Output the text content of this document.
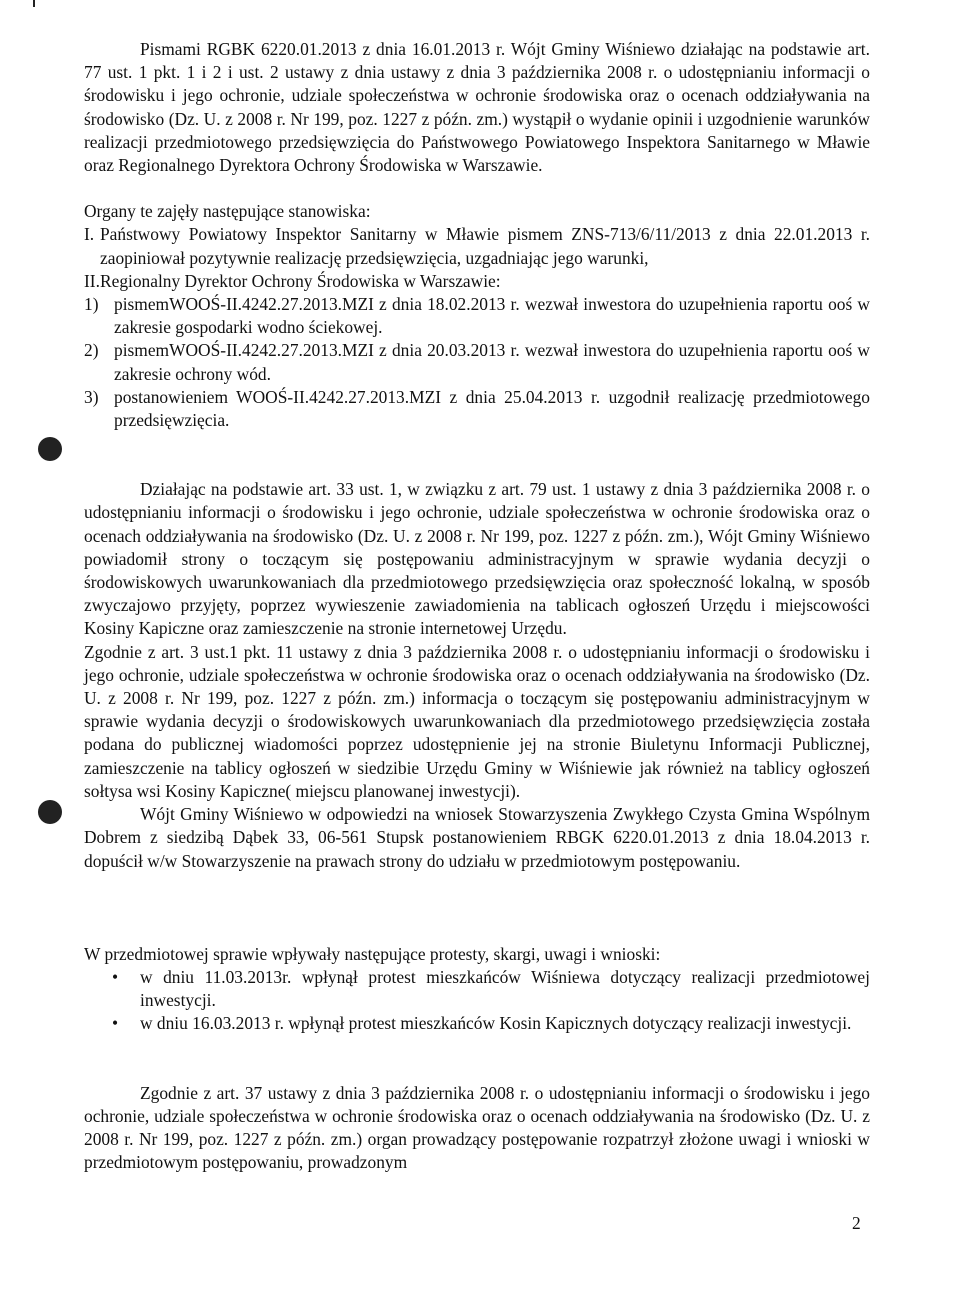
Pismami RGBK 6220.01.2013 z dnia 16.01.2013 r. Wójt Gminy Wiśniewo działając na podstawie art. 77 ust. 1 pkt. 1 i 2 i ust. 2 ustawy z dnia ustawy z dnia 3 października 2008 r. o udostępnianiu informacji o środowisku i jego ochronie, udziale społeczeństwa w ochronie środowiska oraz o ocenach oddziaływania na środowisko (Dz. U. z 2008 r. Nr 199, poz. 1227 z późn. zm.) wystąpił o wydanie opinii i uzgodnienie warunków realizacji przedmiotowego przedsięwzięcia do Państwowego Powiatowego Inspektora Sanitarnego w Mławie oraz Regionalnego Dyrektora Ochrony Środowiska w Warszawie.

Organy te zajęły następujące stanowiska:

I. Państwowy Powiatowy Inspektor Sanitarny w Mławie pismem ZNS-713/6/11/2013 z dnia 22.01.2013 r. zaopiniował pozytywnie realizację przedsięwzięcia, uzgadniając jego warunki,
II. Regionalny Dyrektor Ochrony Środowiska w Warszawie:
1) pismemWOOŚ-II.4242.27.2013.MZI z dnia 18.02.2013 r. wezwał inwestora do uzupełnienia raportu ooś w zakresie gospodarki wodno ściekowej.
2) pismemWOOŚ-II.4242.27.2013.MZI z dnia 20.03.2013 r. wezwał inwestora do uzupełnienia raportu ooś w zakresie ochrony wód.
3) postanowieniem WOOŚ-II.4242.27.2013.MZI z dnia 25.04.2013 r. uzgodnił realizację przedmiotowego przedsięwzięcia.

Działając na podstawie art. 33 ust. 1, w związku z art. 79 ust. 1 ustawy z dnia 3 października 2008 r. o udostępnianiu informacji o środowisku i jego ochronie, udziale społeczeństwa w ochronie środowiska oraz o ocenach oddziaływania na środowisko (Dz. U. z 2008 r. Nr 199, poz. 1227 z późn. zm.), Wójt Gminy Wiśniewo powiadomił strony o toczącym się postępowaniu administracyjnym w sprawie wydania decyzji o środowiskowych uwarunkowaniach dla przedmiotowego przedsięwzięcia oraz społeczność lokalną, w sposób zwyczajowo przyjęty, poprzez wywieszenie zawiadomienia na tablicach ogłoszeń Urzędu i miejscowości Kosiny Kapiczne oraz zamieszczenie na stronie internetowej Urzędu.

Zgodnie z art. 3 ust.1 pkt. 11 ustawy z dnia 3 października 2008 r. o udostępnianiu informacji o środowisku i jego ochronie, udziale społeczeństwa w ochronie środowiska oraz o ocenach oddziaływania na środowisko (Dz. U. z 2008 r. Nr 199, poz. 1227 z późn. zm.) informacja o toczącym się postępowaniu administracyjnym w sprawie wydania decyzji o środowiskowych uwarunkowaniach dla przedmiotowego przedsięwzięcia została podana do publicznej wiadomości poprzez udostępnienie jej na stronie Biuletynu Informacji Publicznej, zamieszczenie na tablicy ogłoszeń w siedzibie Urzędu Gminy w Wiśniewie jak również na tablicy ogłoszeń sołtysa wsi Kosiny Kapiczne( miejscu planowanej inwestycji).

Wójt Gminy Wiśniewo w odpowiedzi na wniosek Stowarzyszenia Zwykłego Czysta Gmina Wspólnym Dobrem z siedzibą Dąbek 33, 06-561 Stupsk postanowieniem RBGK 6220.01.2013 z dnia 18.04.2013 r. dopuścił w/w Stowarzyszenie na prawach strony do udziału w przedmiotowym postępowaniu.

W przedmiotowej sprawie wpływały następujące protesty, skargi, uwagi i wnioski:

•	w dniu 11.03.2013r. wpłynął protest mieszkańców Wiśniewa dotyczący realizacji przedmiotowej inwestycji.
•	w dniu 16.03.2013 r. wpłynął protest mieszkańców Kosin Kapicznych dotyczący realizacji inwestycji.

Zgodnie z art. 37 ustawy z dnia 3 października 2008 r. o udostępnianiu informacji o środowisku i jego ochronie, udziale społeczeństwa w ochronie środowiska oraz o ocenach oddziaływania na środowisko (Dz. U. z 2008 r. Nr 199, poz. 1227 z późn. zm.) organ prowadzący postępowanie rozpatrzył złożone uwagi i wnioski w przedmiotowym postępowaniu, prowadzonym

2
